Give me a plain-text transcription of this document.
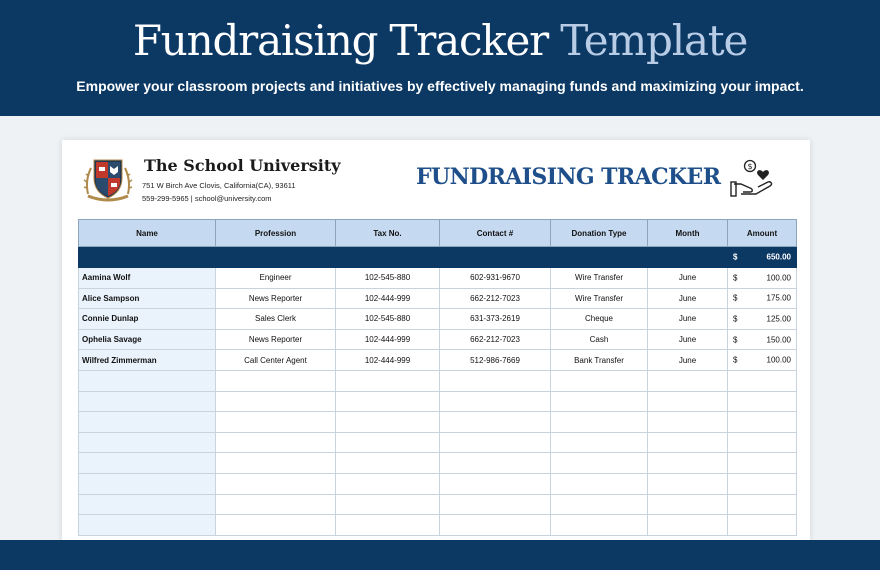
Fundraising Tracker Template
Empower your classroom projects and initiatives by effectively managing funds and maximizing your impact.
The School University
751 W Birch Ave Clovis, California(CA), 93611
559-299-5965 | school@university.com
FUNDRAISING TRACKER	$
Name	Profession	Tax No.	Contact #	Donation Type	Month	Amount

						$ 650.00

Aamina Wolf	Engineer	102-545-880	602-931-9670	Wire Transfer	June	$ 100.00

Alice Sampson	News Reporter	102-444-999	662-212-7023	Wire Transfer	June	$ 175.00

Connie Dunlap	Sales Clerk	102-545-880	631-373-2619	Cheque	June	$ 125.00

Ophelia Savage	News Reporter	102-444-999	662-212-7023	Cash	June	$ 150.00

Wilfred Zimmerman	Call Center Agent	102-444-999	512-986-7669	Bank Transfer	June	$ 100.00
